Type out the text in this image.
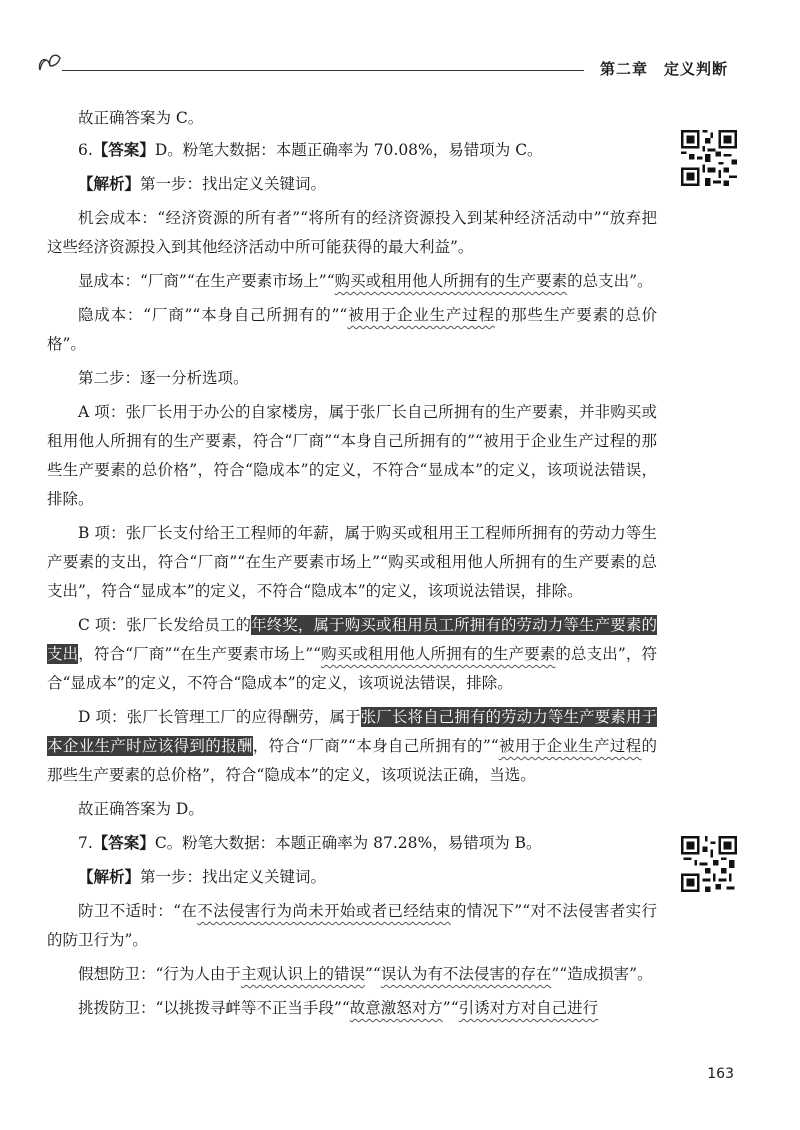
第二章 定义判断

故正确答案为 C。

6.【答案】D。粉笔大数据：本题正确率为 70.08%，易错项为 C。

【解析】第一步：找出定义关键词。

机会成本：“经济资源的所有者”“将所有的经济资源投入到某种经济活动中”“放弃把这些经济资源投入到其他经济活动中所可能获得的最大利益”。

显成本：“厂商”“在生产要素市场上”“购买或租用他人所拥有的生产要素的总支出”。

隐成本：“厂商”“本身自己所拥有的”“被用于企业生产过程的那些生产要素的总价格”。

第二步：逐一分析选项。

A 项：张厂长用于办公的自家楼房，属于张厂长自己所拥有的生产要素，并非购买或租用他人所拥有的生产要素，符合“厂商”“本身自己所拥有的”“被用于企业生产过程的那些生产要素的总价格”，符合“隐成本”的定义，不符合“显成本”的定义，该项说法错误，排除。

B 项：张厂长支付给王工程师的年薪，属于购买或租用王工程师所拥有的劳动力等生产要素的支出，符合“厂商”“在生产要素市场上”“购买或租用他人所拥有的生产要素的总支出”，符合“显成本”的定义，不符合“隐成本”的定义，该项说法错误，排除。

C 项：张厂长发给员工的年终奖，属于购买或租用员工所拥有的劳动力等生产要素的支出，符合“厂商”“在生产要素市场上”“购买或租用他人所拥有的生产要素的总支出”，符合“显成本”的定义，不符合“隐成本”的定义，该项说法错误，排除。

D 项：张厂长管理工厂的应得酬劳，属于张厂长将自己拥有的劳动力等生产要素用于本企业生产时应该得到的报酬，符合“厂商”“本身自己所拥有的”“被用于企业生产过程的那些生产要素的总价格”，符合“隐成本”的定义，该项说法正确，当选。

故正确答案为 D。

7.【答案】C。粉笔大数据：本题正确率为 87.28%，易错项为 B。

【解析】第一步：找出定义关键词。

防卫不适时：“在不法侵害行为尚未开始或者已经结束的情况下”“对不法侵害者实行的防卫行为”。

假想防卫：“行为人由于主观认识上的错误”“误认为有不法侵害的存在”“造成损害”。

挑拨防卫：“以挑拨寻衅等不正当手段”“故意激怒对方”“引诱对方对自己进行

163
